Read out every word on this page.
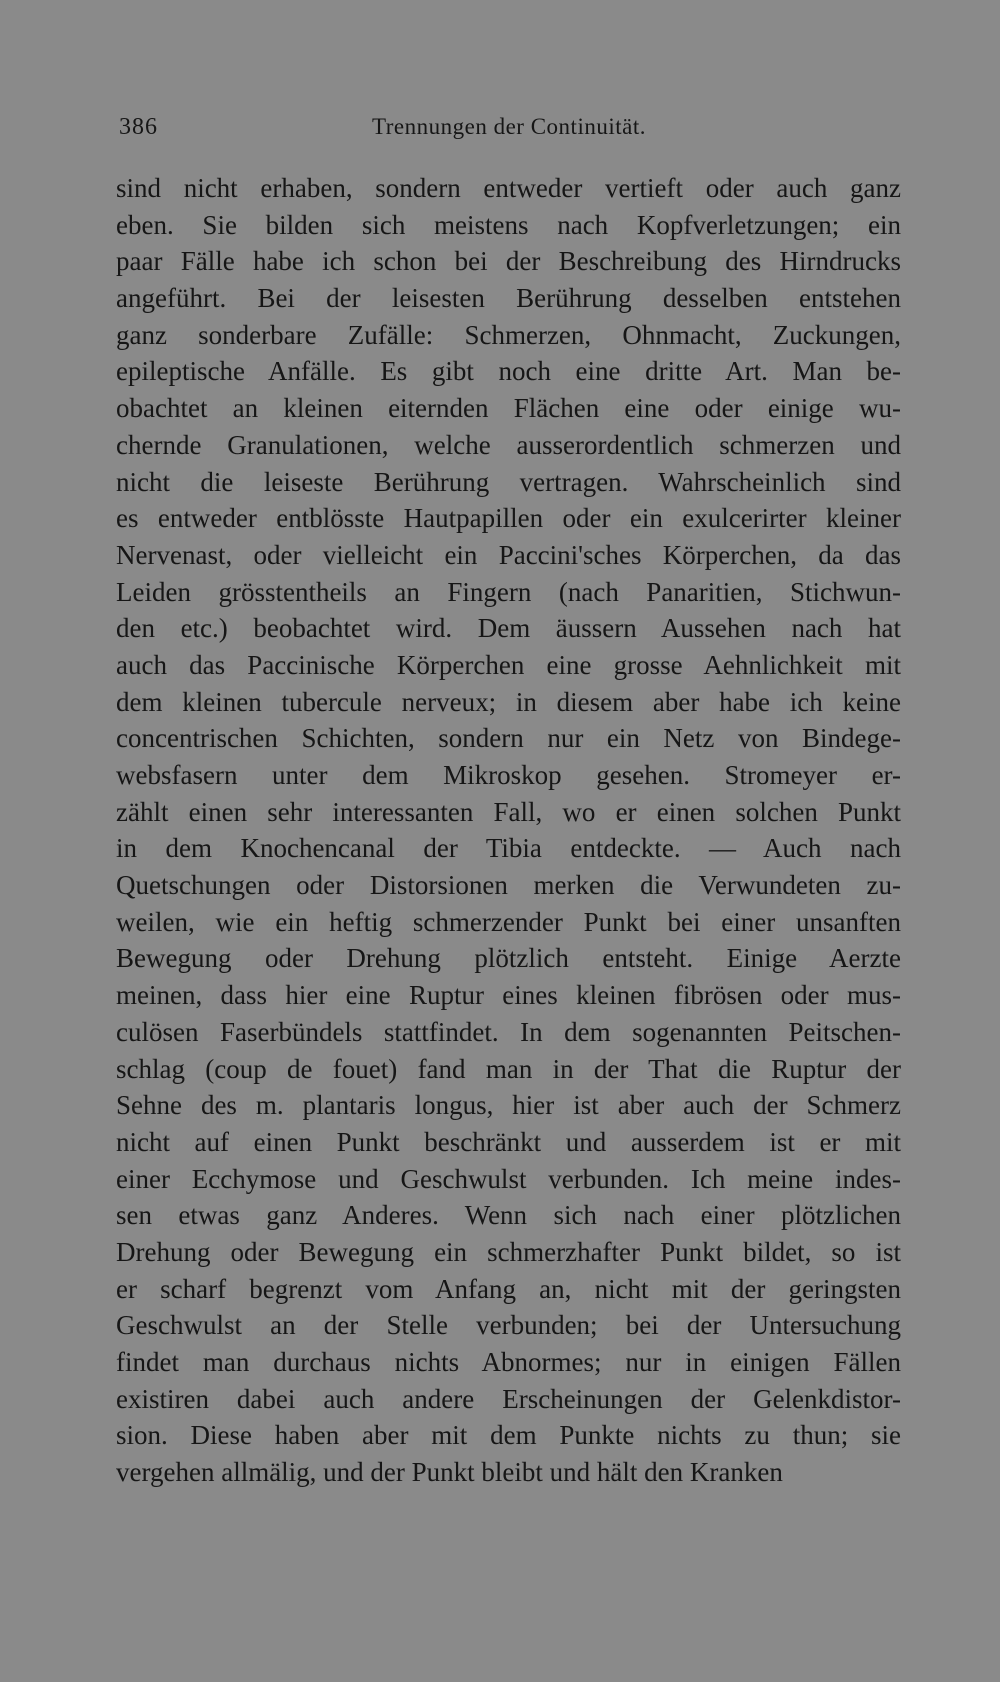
386	Trennungen der Continuität.
sind nicht erhaben, sondern entweder vertieft oder auch ganz
eben. Sie bilden sich meistens nach Kopfverletzungen; ein
paar Fälle habe ich schon bei der Beschreibung des Hirndrucks
angeführt. Bei der leisesten Berührung desselben entstehen
ganz sonderbare Zufälle: Schmerzen, Ohnmacht, Zuckungen,
epileptische Anfälle. Es gibt noch eine dritte Art. Man be-
obachtet an kleinen eiternden Flächen eine oder einige wu-
chernde Granulationen, welche ausserordentlich schmerzen und
nicht die leiseste Berührung vertragen. Wahrscheinlich sind
es entweder entblösste Hautpapillen oder ein exulcerirter kleiner
Nervenast, oder vielleicht ein Paccini'sches Körperchen, da das
Leiden grösstentheils an Fingern (nach Panaritien, Stichwun-
den etc.) beobachtet wird. Dem äussern Aussehen nach hat
auch das Paccinische Körperchen eine grosse Aehnlichkeit mit
dem kleinen tubercule nerveux; in diesem aber habe ich keine
concentrischen Schichten, sondern nur ein Netz von Bindege-
websfasern unter dem Mikroskop gesehen. Stromeyer er-
zählt einen sehr interessanten Fall, wo er einen solchen Punkt
in dem Knochencanal der Tibia entdeckte. — Auch nach
Quetschungen oder Distorsionen merken die Verwundeten zu-
weilen, wie ein heftig schmerzender Punkt bei einer unsanften
Bewegung oder Drehung plötzlich entsteht. Einige Aerzte
meinen, dass hier eine Ruptur eines kleinen fibrösen oder mus-
culösen Faserbündels stattfindet. In dem sogenannten Peitschen-
schlag (coup de fouet) fand man in der That die Ruptur der
Sehne des m. plantaris longus, hier ist aber auch der Schmerz
nicht auf einen Punkt beschränkt und ausserdem ist er mit
einer Ecchymose und Geschwulst verbunden. Ich meine indes-
sen etwas ganz Anderes. Wenn sich nach einer plötzlichen
Drehung oder Bewegung ein schmerzhafter Punkt bildet, so ist
er scharf begrenzt vom Anfang an, nicht mit der geringsten
Geschwulst an der Stelle verbunden; bei der Untersuchung
findet man durchaus nichts Abnormes; nur in einigen Fällen
existiren dabei auch andere Erscheinungen der Gelenkdistor-
sion. Diese haben aber mit dem Punkte nichts zu thun; sie
vergehen allmälig, und der Punkt bleibt und hält den Kranken
